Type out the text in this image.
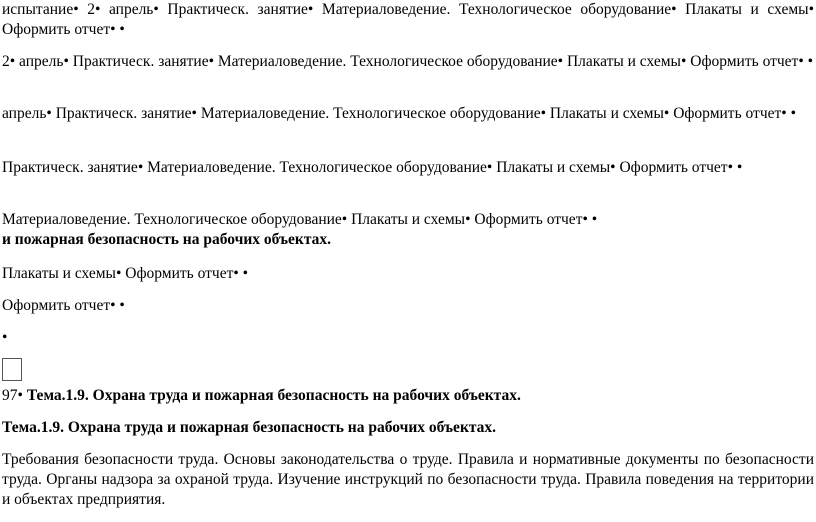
испытание• 2• апрель• Практическ. занятие• Материаловедение. Технологическое оборудование• Плакаты и схемы• Оформить отчет• •

2• апрель• Практическ. занятие• Материаловедение. Технологическое оборудование• Плакаты и схемы• Оформить отчет• •

апрель• Практическ. занятие• Материаловедение. Технологическое оборудование• Плакаты и схемы• Оформить отчет• •

Практическ. занятие• Материаловедение. Технологическое оборудование• Плакаты и схемы• Оформить отчет• •

Материаловедение. Технологическое оборудование• Плакаты и схемы• Оформить отчет• •
и пожарная безопасность на рабочих объектах.

Плакаты и схемы• Оформить отчет• •

Оформить отчет• •

•

97• Тема.1.9. Охрана труда и пожарная безопасность на рабочих объектах.

Тема.1.9. Охрана труда и пожарная безопасность на рабочих объектах.

Требования безопасности труда. Основы законодательства о труде. Правила и нормативные документы по безопасности труда. Органы надзора за охраной труда. Изучение инструкций по безопасности труда. Правила поведения на территории и объектах предприятия.
